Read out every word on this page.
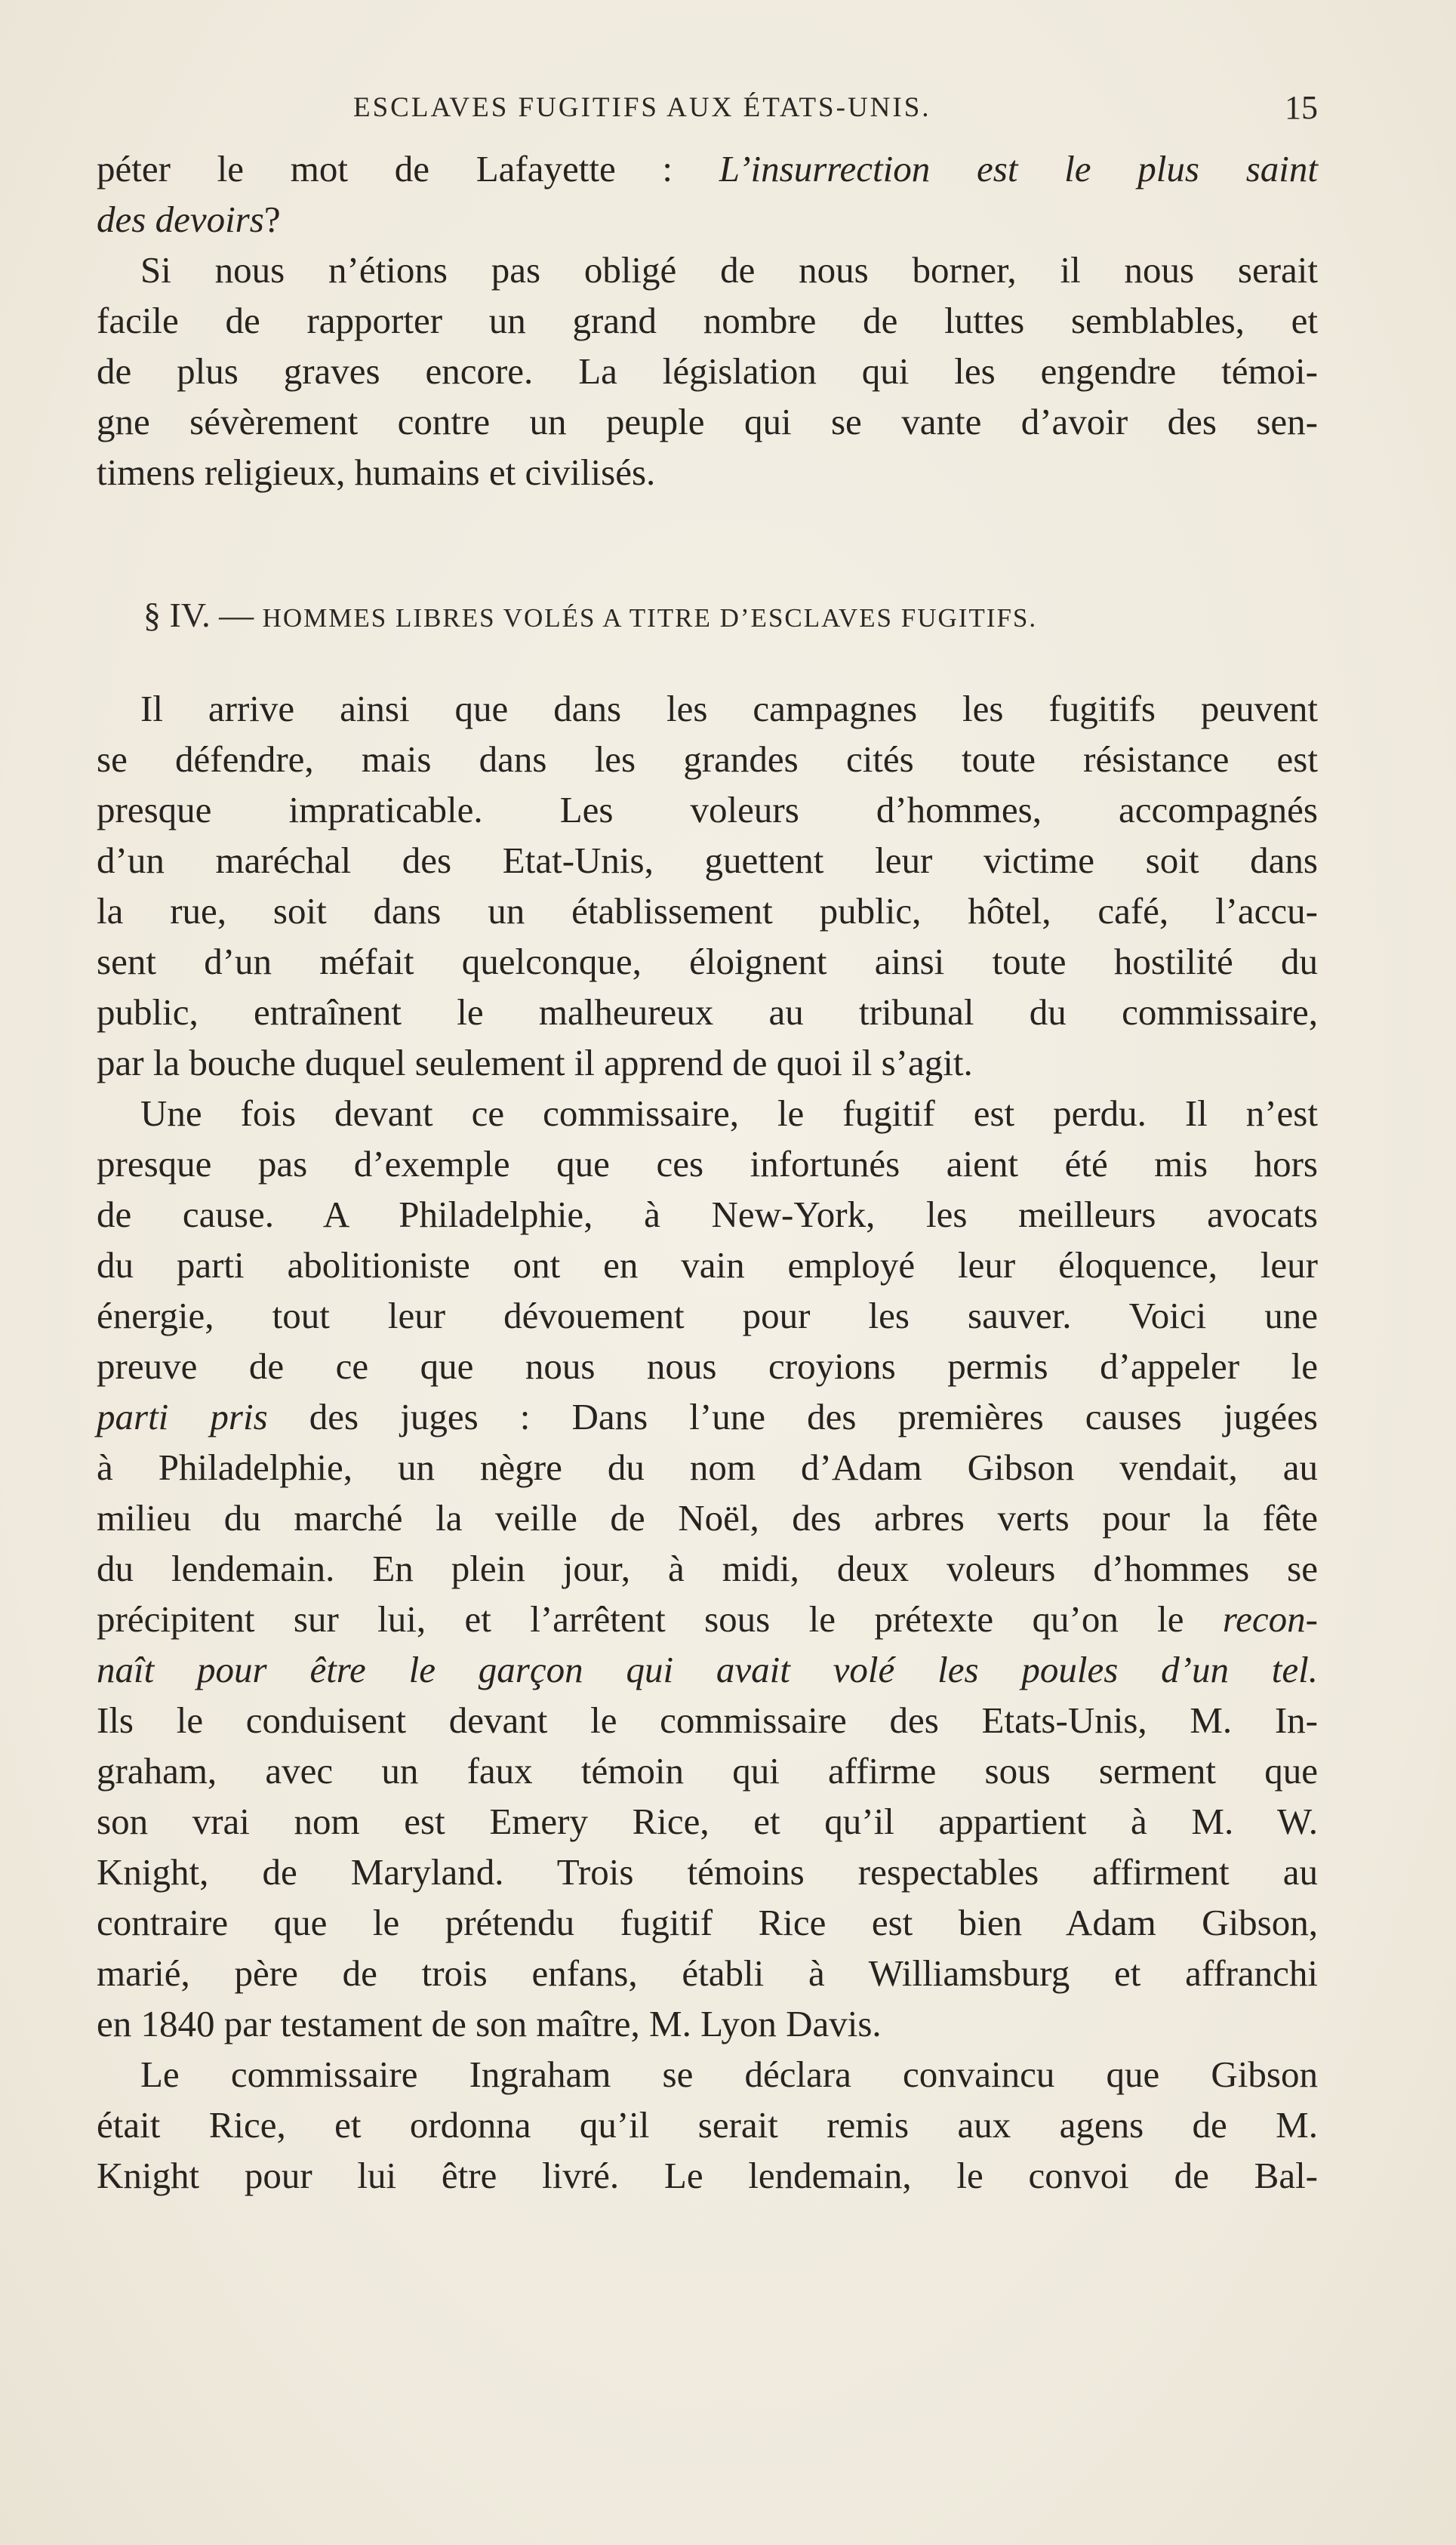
ESCLAVES FUGITIFS AUX ÉTATS-UNIS.	15
péter le mot de Lafayette : L’insurrection est le plus saint
des devoirs?
Si nous n’étions pas obligé de nous borner, il nous serait
facile de rapporter un grand nombre de luttes semblables, et
de plus graves encore. La législation qui les engendre témoi-
gne sévèrement contre un peuple qui se vante d’avoir des sen-
timens religieux, humains et civilisés.
§ IV. — HOMMES LIBRES VOLÉS A TITRE D’ESCLAVES FUGITIFS.
Il arrive ainsi que dans les campagnes les fugitifs peuvent
se défendre, mais dans les grandes cités toute résistance est
presque impraticable. Les voleurs d’hommes, accompagnés
d’un maréchal des Etat-Unis, guettent leur victime soit dans
la rue, soit dans un établissement public, hôtel, café, l’accu-
sent d’un méfait quelconque, éloignent ainsi toute hostilité du
public, entraînent le malheureux au tribunal du commissaire,
par la bouche duquel seulement il apprend de quoi il s’agit.
Une fois devant ce commissaire, le fugitif est perdu. Il n’est
presque pas d’exemple que ces infortunés aient été mis hors
de cause. A Philadelphie, à New-York, les meilleurs avocats
du parti abolitioniste ont en vain employé leur éloquence, leur
énergie, tout leur dévouement pour les sauver. Voici une
preuve de ce que nous nous croyions permis d’appeler le
parti pris des juges : Dans l’une des premières causes jugées
à Philadelphie, un nègre du nom d’Adam Gibson vendait, au
milieu du marché la veille de Noël, des arbres verts pour la fête
du lendemain. En plein jour, à midi, deux voleurs d’hommes se
précipitent sur lui, et l’arrêtent sous le prétexte qu’on le recon-
naît pour être le garçon qui avait volé les poules d’un tel.
Ils le conduisent devant le commissaire des Etats-Unis, M. In-
graham, avec un faux témoin qui affirme sous serment que
son vrai nom est Emery Rice, et qu’il appartient à M. W.
Knight, de Maryland. Trois témoins respectables affirment au
contraire que le prétendu fugitif Rice est bien Adam Gibson,
marié, père de trois enfans, établi à Williamsburg et affranchi
en 1840 par testament de son maître, M. Lyon Davis.
Le commissaire Ingraham se déclara convaincu que Gibson
était Rice, et ordonna qu’il serait remis aux agens de M.
Knight pour lui être livré. Le lendemain, le convoi de Bal-
